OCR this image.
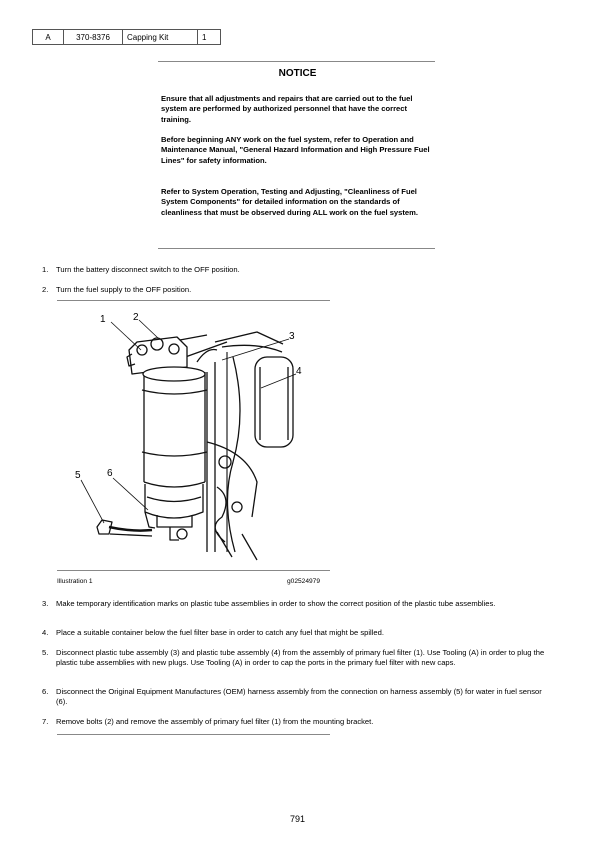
A	370-8376	Capping Kit	1
NOTICE
Ensure that all adjustments and repairs that are carried out to the fuel system are performed by authorized personnel that have the correct training.
Before beginning ANY work on the fuel system, refer to Operation and Maintenance Manual, "General Hazard Information and High Pressure Fuel Lines" for safety information.
Refer to System Operation, Testing and Adjusting, "Cleanliness of Fuel System Components" for detailed information on the standards of cleanliness that must be observed during ALL work on the fuel system.
1.	Turn the battery disconnect switch to the OFF position.
2.	Turn the fuel supply to the OFF position.
1	2
3
4
5	6
Illustration 1	g02524979
3.	Make temporary identification marks on plastic tube assemblies in order to show the correct position of the plastic tube assemblies.
4.	Place a suitable container below the fuel filter base in order to catch any fuel that might be spilled.
5.	Disconnect plastic tube assembly (3) and plastic tube assembly (4) from the assembly of primary fuel filter (1). Use Tooling (A) in order to plug the plastic tube assemblies with new plugs. Use Tooling (A) in order to cap the ports in the primary fuel filter with new caps.
6.	Disconnect the Original Equipment Manufactures (OEM) harness assembly from the connection on harness assembly (5) for water in fuel sensor (6).
7.	Remove bolts (2) and remove the assembly of primary fuel filter (1) from the mounting bracket.
791
